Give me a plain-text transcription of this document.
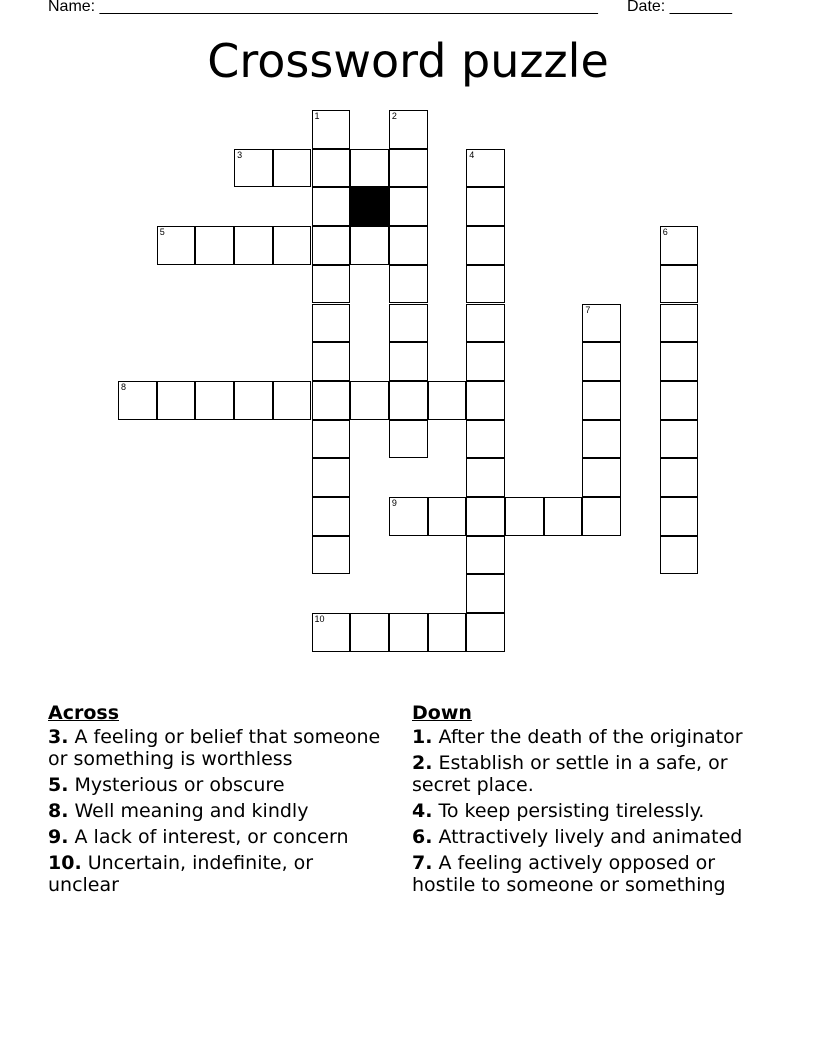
Name: ________________________________________________________ Date: _______
Crossword puzzle
1	2
3	4
5	6
7
8
9
10
Across
3. A feeling or belief that someone or something is worthless
5. Mysterious or obscure
8. Well meaning and kindly
9. A lack of interest, or concern
10. Uncertain, indefinite, or unclear
Down
1. After the death of the originator
2. Establish or settle in a safe, or secret place.
4. To keep persisting tirelessly.
6. Attractively lively and animated
7. A feeling actively opposed or hostile to someone or something
